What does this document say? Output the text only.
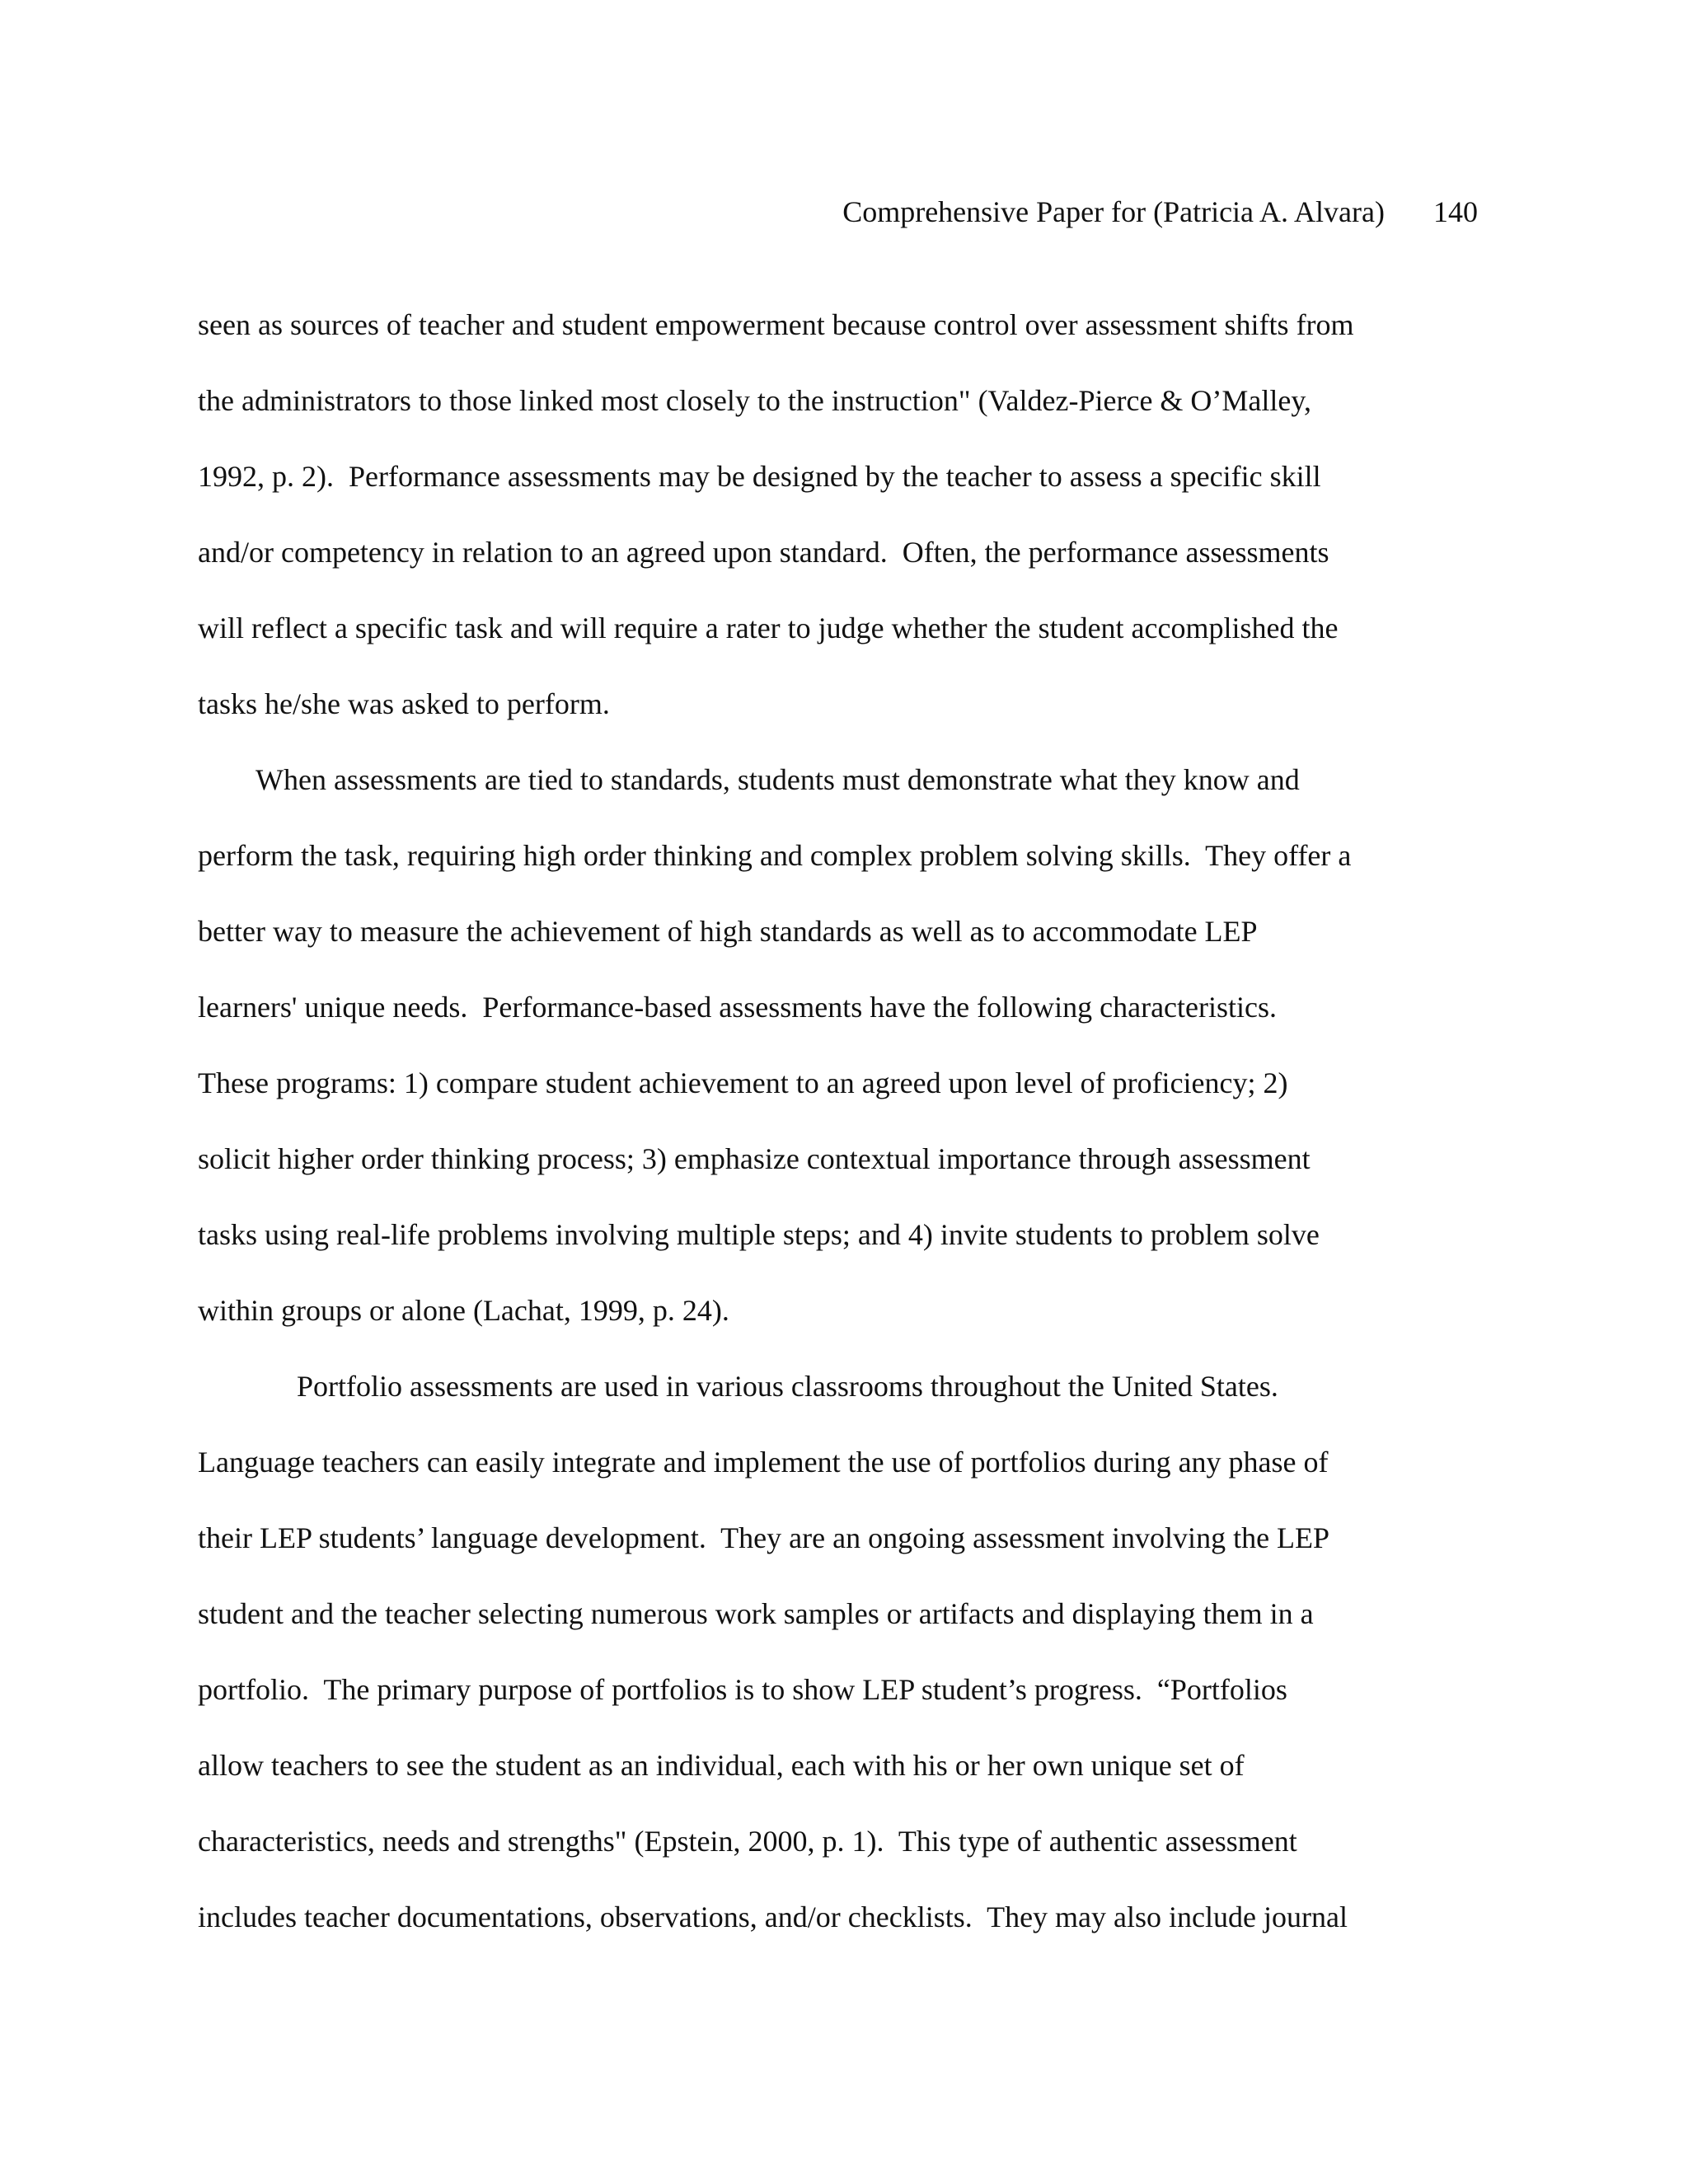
Comprehensive Paper for (Patricia A. Alvara) 140
seen as sources of teacher and student empowerment because control over assessment shifts from
the administrators to those linked most closely to the instruction" (Valdez-Pierce & O’Malley,
1992, p. 2).  Performance assessments may be designed by the teacher to assess a specific skill
and/or competency in relation to an agreed upon standard.  Often, the performance assessments
will reflect a specific task and will require a rater to judge whether the student accomplished the
tasks he/she was asked to perform.
When assessments are tied to standards, students must demonstrate what they know and
perform the task, requiring high order thinking and complex problem solving skills.  They offer a
better way to measure the achievement of high standards as well as to accommodate LEP
learners' unique needs.  Performance-based assessments have the following characteristics.
These programs: 1) compare student achievement to an agreed upon level of proficiency; 2)
solicit higher order thinking process; 3) emphasize contextual importance through assessment
tasks using real-life problems involving multiple steps; and 4) invite students to problem solve
within groups or alone (Lachat, 1999, p. 24).
Portfolio assessments are used in various classrooms throughout the United States.
Language teachers can easily integrate and implement the use of portfolios during any phase of
their LEP students’ language development.  They are an ongoing assessment involving the LEP
student and the teacher selecting numerous work samples or artifacts and displaying them in a
portfolio.  The primary purpose of portfolios is to show LEP student’s progress.  “Portfolios
allow teachers to see the student as an individual, each with his or her own unique set of
characteristics, needs and strengths" (Epstein, 2000, p. 1).  This type of authentic assessment
includes teacher documentations, observations, and/or checklists.  They may also include journal
